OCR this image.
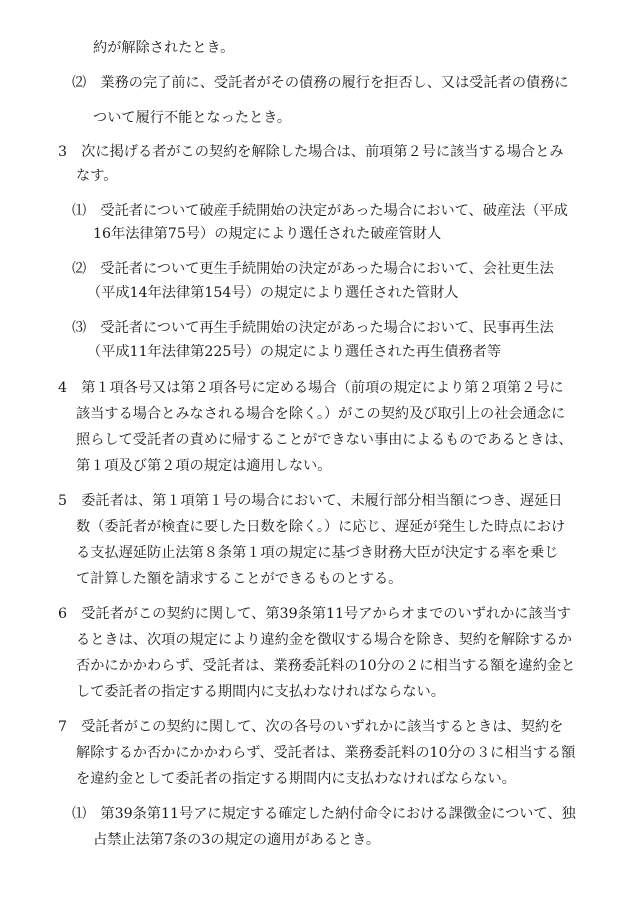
約が解除されたとき。
⑵　業務の完了前に、受託者がその債務の履行を拒否し、又は受託者の債務に
ついて履行不能となったとき。
3　次に掲げる者がこの契約を解除した場合は、前項第２号に該当する場合とみ
なす。
⑴　受託者について破産手続開始の決定があった場合において、破産法（平成
16年法律第75号）の規定により選任された破産管財人
⑵　受託者について更生手続開始の決定があった場合において、会社更生法
（平成14年法律第154号）の規定により選任された管財人
⑶　受託者について再生手続開始の決定があった場合において、民事再生法
（平成11年法律第225号）の規定により選任された再生債務者等
4　第１項各号又は第２項各号に定める場合（前項の規定により第２項第２号に
該当する場合とみなされる場合を除く。）がこの契約及び取引上の社会通念に
照らして受託者の責めに帰することができない事由によるものであるときは、
第１項及び第２項の規定は適用しない。
5　委託者は、第１項第１号の場合において、未履行部分相当額につき、遅延日
数（委託者が検査に要した日数を除く。）に応じ、遅延が発生した時点におけ
る支払遅延防止法第８条第１項の規定に基づき財務大臣が決定する率を乗じ
て計算した額を請求することができるものとする。
6　受託者がこの契約に関して、第39条第11号アからオまでのいずれかに該当す
るときは、次項の規定により違約金を徴収する場合を除き、契約を解除するか
否かにかかわらず、受託者は、業務委託料の10分の２に相当する額を違約金と
して委託者の指定する期間内に支払わなければならない。
7　受託者がこの契約に関して、次の各号のいずれかに該当するときは、契約を
解除するか否かにかかわらず、受託者は、業務委託料の10分の３に相当する額
を違約金として委託者の指定する期間内に支払わなければならない。
⑴　第39条第11号アに規定する確定した納付命令における課徴金について、独
占禁止法第7条の3の規定の適用があるとき。
